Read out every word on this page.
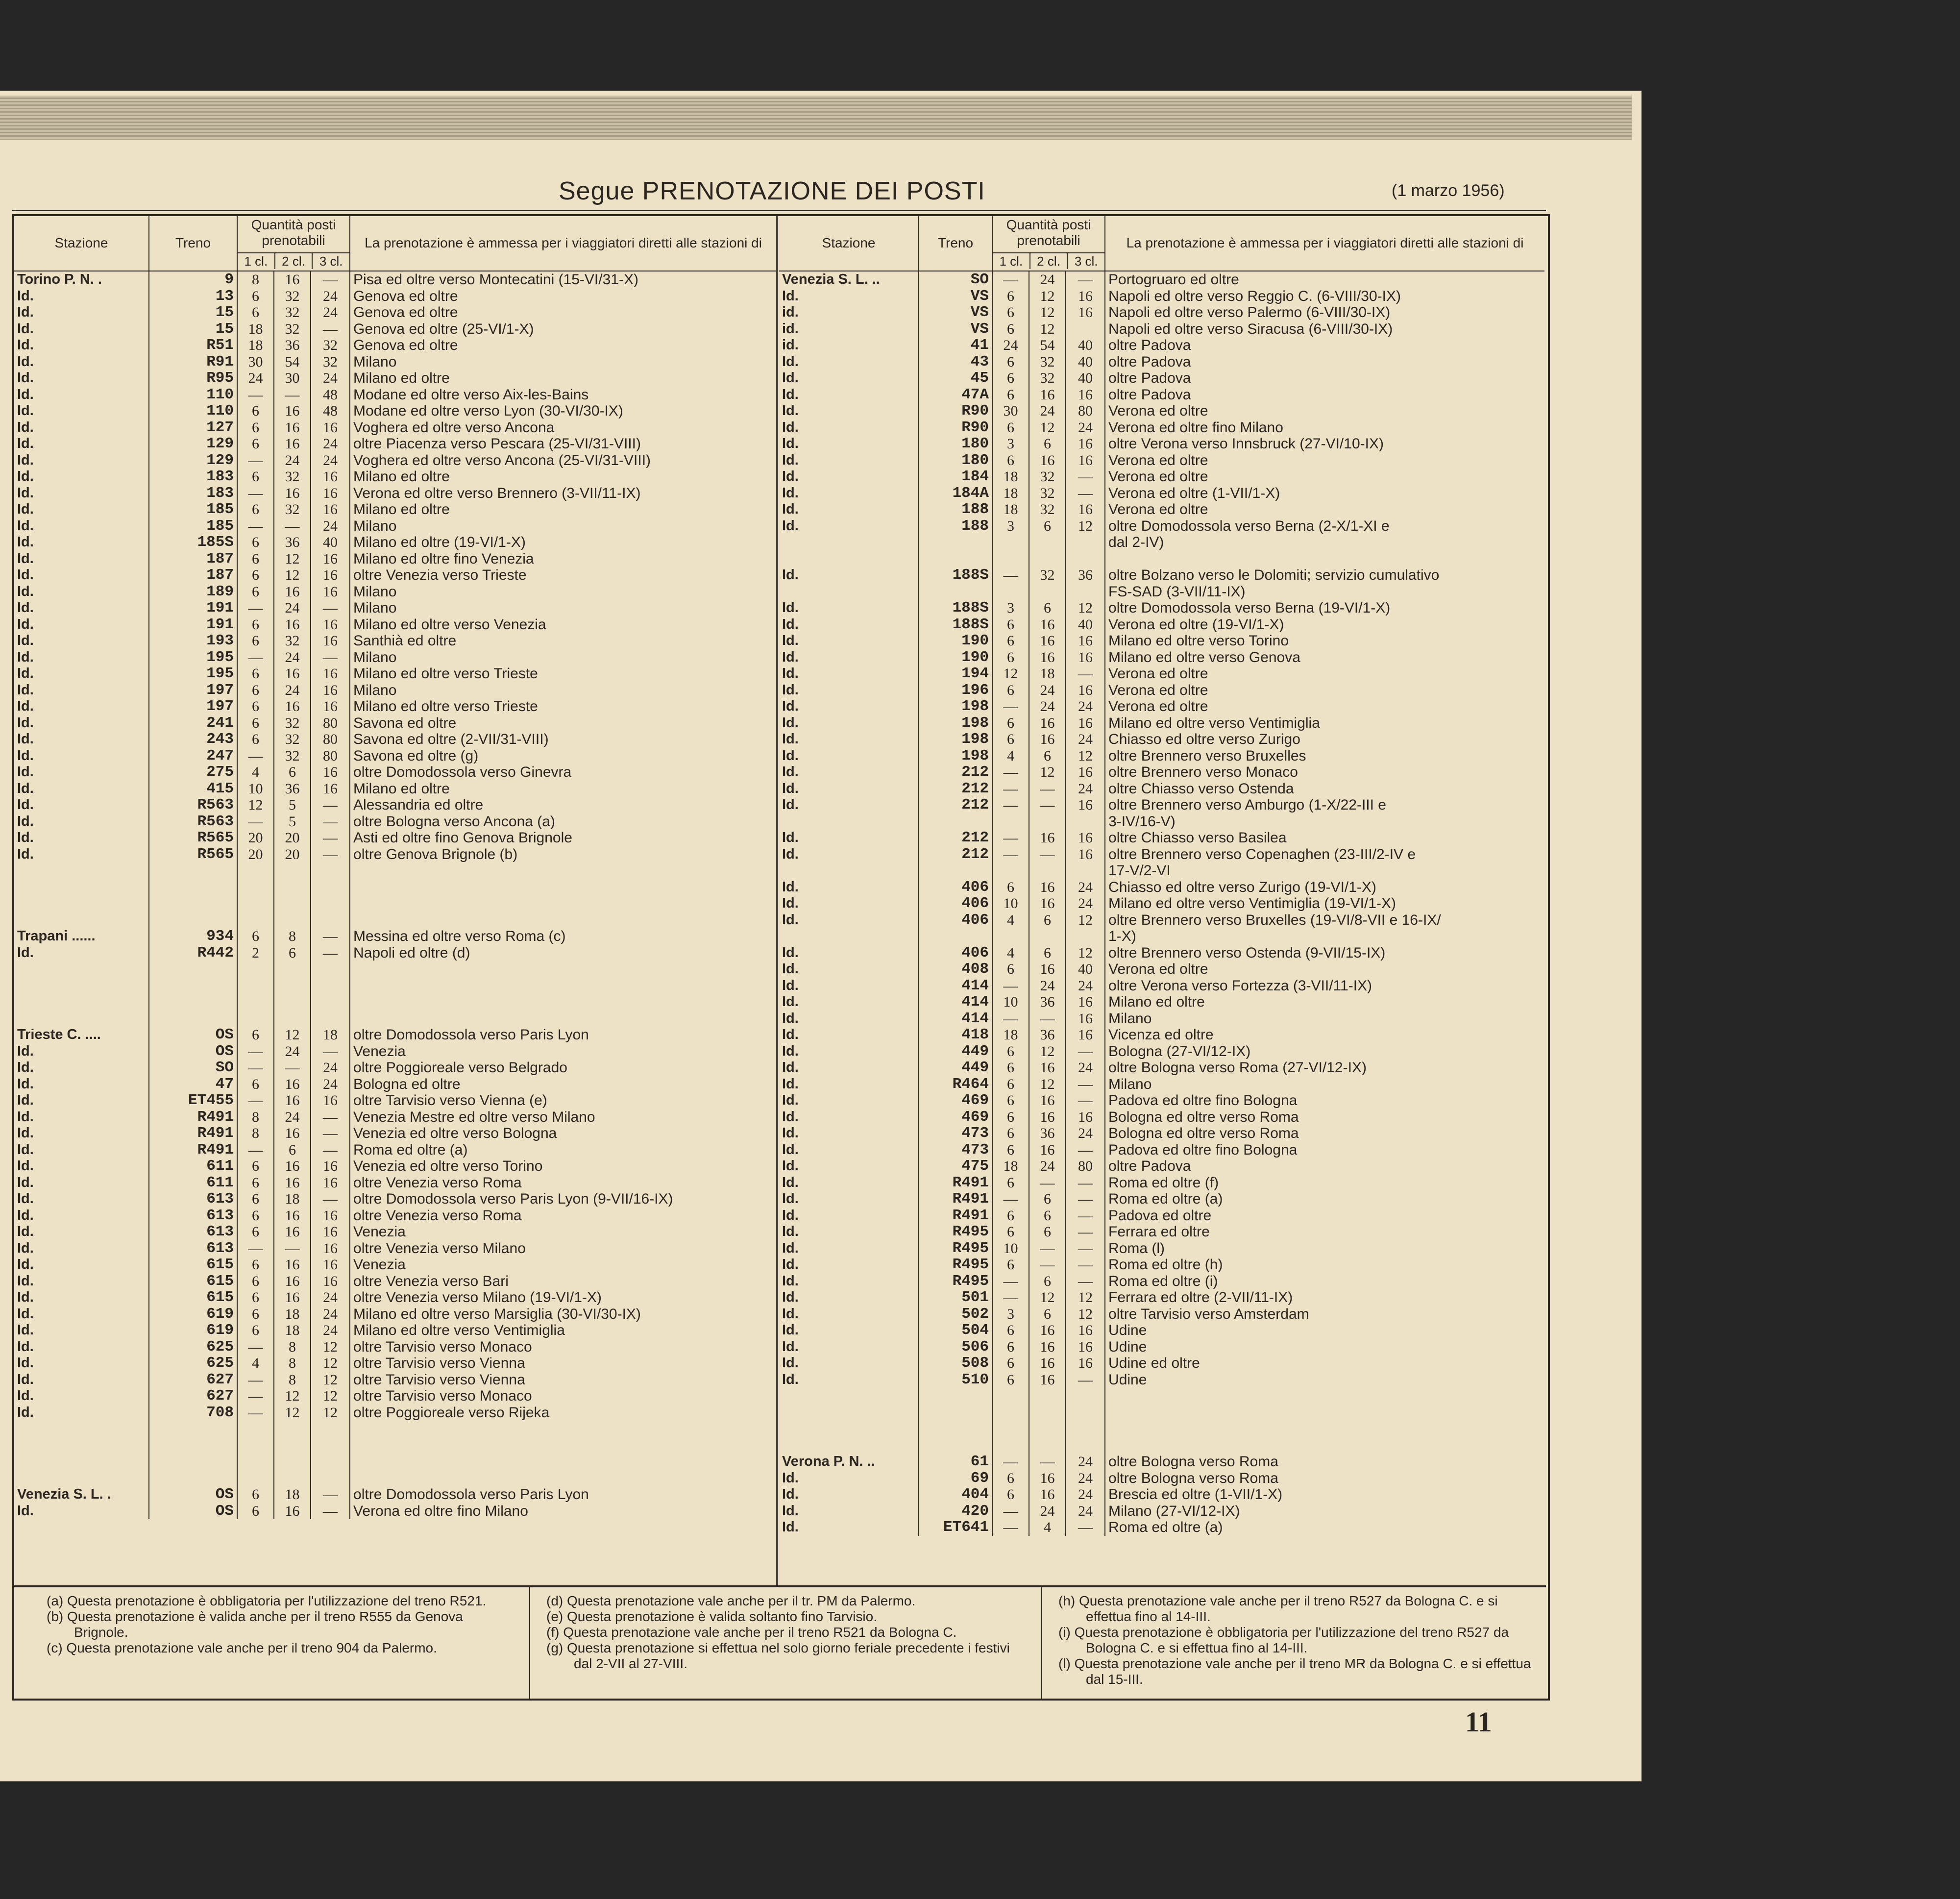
Segue PRENOTAZIONE DEI POSTI	(1 marzo 1956)
Stazione	Treno	Quantità posti prenotabili
1 cl. 2 cl. 3 cl.			La prenotazione è ammessa per i viaggiatori diretti alle stazioni di
Torino P. N. .	9	8	16	—	Pisa ed oltre verso Montecatini (15-VI/31-X)
Id.	13	6	32	24	Genova ed oltre
Id.	15	6	32	24	Genova ed oltre
Id.	15	18	32	—	Genova ed oltre (25-VI/1-X)
Id.	R51	18	36	32	Genova ed oltre
Id.	R91	30	54	32	Milano
Id.	R95	24	30	24	Milano ed oltre
Id.	110	—	—	48	Modane ed oltre verso Aix-les-Bains
Id.	110	6	16	48	Modane ed oltre verso Lyon (30-VI/30-IX)
Id.	127	6	16	16	Voghera ed oltre verso Ancona
Id.	129	6	16	24	oltre Piacenza verso Pescara (25-VI/31-VIII)
Id.	129	—	24	24	Voghera ed oltre verso Ancona (25-VI/31-VIII)
Id.	183	6	32	16	Milano ed oltre
Id.	183	—	16	16	Verona ed oltre verso Brennero (3-VII/11-IX)
Id.	185	6	32	16	Milano ed oltre
Id.	185	—	—	24	Milano
Id.	185S	6	36	40	Milano ed oltre (19-VI/1-X)
Id.	187	6	12	16	Milano ed oltre fino Venezia
Id.	187	6	12	16	oltre Venezia verso Trieste
Id.	189	6	16	16	Milano
Id.	191	—	24	—	Milano
Id.	191	6	16	16	Milano ed oltre verso Venezia
Id.	193	6	32	16	Santhià ed oltre
Id.	195	—	24	—	Milano
Id.	195	6	16	16	Milano ed oltre verso Trieste
Id.	197	6	24	16	Milano
Id.	197	6	16	16	Milano ed oltre verso Trieste
Id.	241	6	32	80	Savona ed oltre
Id.	243	6	32	80	Savona ed oltre (2-VII/31-VIII)
Id.	247	—	32	80	Savona ed oltre (g)
Id.	275	4	6	16	oltre Domodossola verso Ginevra
Id.	415	10	36	16	Milano ed oltre
Id.	R563	12	5	—	Alessandria ed oltre
Id.	R563	—	5	—	oltre Bologna verso Ancona (a)
Id.	R565	20	20	—	Asti ed oltre fino Genova Brignole
Id.	R565	20	20	—	oltre Genova Brignole (b)

Trapani ......	934	6	8	—	Messina ed oltre verso Roma (c)
Id.	R442	2	6	—	Napoli ed oltre (d)

Trieste C. ....	OS	6	12	18	oltre Domodossola verso Paris Lyon
Id.	OS	—	24	—	Venezia
Id.	SO	—	—	24	oltre Poggioreale verso Belgrado
Id.	47	6	16	24	Bologna ed oltre
Id.	ET455	—	16	16	oltre Tarvisio verso Vienna (e)
Id.	R491	8	24	—	Venezia Mestre ed oltre verso Milano
Id.	R491	8	16	—	Venezia ed oltre verso Bologna
Id.	R491	—	6	—	Roma ed oltre (a)
Id.	611	6	16	16	Venezia ed oltre verso Torino
Id.	611	6	16	16	oltre Venezia verso Roma
Id.	613	6	18	—	oltre Domodossola verso Paris Lyon (9-VII/16-IX)
Id.	613	6	16	16	oltre Venezia verso Roma
Id.	613	6	16	16	Venezia
Id.	613	—	—	16	oltre Venezia verso Milano
Id.	615	6	16	16	Venezia
Id.	615	6	16	16	oltre Venezia verso Bari
Id.	615	6	16	24	oltre Venezia verso Milano (19-VI/1-X)
Id.	619	6	18	24	Milano ed oltre verso Marsiglia (30-VI/30-IX)
Id.	619	6	18	24	Milano ed oltre verso Ventimiglia
Id.	625	—	8	12	oltre Tarvisio verso Monaco
Id.	625	4	8	12	oltre Tarvisio verso Vienna
Id.	627	—	8	12	oltre Tarvisio verso Vienna
Id.	627	—	12	12	oltre Tarvisio verso Monaco
Id.	708	—	12	12	oltre Poggioreale verso Rijeka

Venezia S. L. .	OS	6	18	—	oltre Domodossola verso Paris Lyon
Id.	OS	6	16	—	Verona ed oltre fino Milano
Stazione	Treno	Quantità posti prenotabili
1 cl. 2 cl. 3 cl.			La prenotazione è ammessa per i viaggiatori diretti alle stazioni di
Venezia S. L. ..	SO	—	24	—	Portogruaro ed oltre
Id.	VS	6	12	16	Napoli ed oltre verso Reggio C. (6-VIII/30-IX)
id.	VS	6	12	16	Napoli ed oltre verso Palermo (6-VIII/30-IX)
id.	VS	6	12		Napoli ed oltre verso Siracusa (6-VIII/30-IX)
id.	41	24	54	40	oltre Padova
Id.	43	6	32	40	oltre Padova
Id.	45	6	32	40	oltre Padova
Id.	47A	6	16	16	oltre Padova
Id.	R90	30	24	80	Verona ed oltre
Id.	R90	6	12	24	Verona ed oltre fino Milano
Id.	180	3	6	16	oltre Verona verso Innsbruck (27-VI/10-IX)
Id.	180	6	16	16	Verona ed oltre
Id.	184	18	32	—	Verona ed oltre
Id.	184A	18	32	—	Verona ed oltre (1-VII/1-X)
Id.	188	18	32	16	Verona ed oltre
Id.	188	3	6	12	oltre Domodossola verso Berna (2-X/1-XI e
					dal 2-IV)

Id.	188S	—	32	36	oltre Bolzano verso le Dolomiti; servizio cumulativo
					FS-SAD (3-VII/11-IX)
Id.	188S	3	6	12	oltre Domodossola verso Berna (19-VI/1-X)
Id.	188S	6	16	40	Verona ed oltre (19-VI/1-X)
Id.	190	6	16	16	Milano ed oltre verso Torino
Id.	190	6	16	16	Milano ed oltre verso Genova
Id.	194	12	18	—	Verona ed oltre
Id.	196	6	24	16	Verona ed oltre
Id.	198	—	24	24	Verona ed oltre
Id.	198	6	16	16	Milano ed oltre verso Ventimiglia
Id.	198	6	16	24	Chiasso ed oltre verso Zurigo
Id.	198	4	6	12	oltre Brennero verso Bruxelles
Id.	212	—	12	16	oltre Brennero verso Monaco
Id.	212	—	—	24	oltre Chiasso verso Ostenda
Id.	212	—	—	16	oltre Brennero verso Amburgo (1-X/22-III e
					3-IV/16-V)
Id.	212	—	16	16	oltre Chiasso verso Basilea
Id.	212	—	—	16	oltre Brennero verso Copenaghen (23-III/2-IV e
					17-V/2-VI
Id.	406	6	16	24	Chiasso ed oltre verso Zurigo (19-VI/1-X)
Id.	406	10	16	24	Milano ed oltre verso Ventimiglia (19-VI/1-X)
Id.	406	4	6	12	oltre Brennero verso Bruxelles (19-VI/8-VII e 16-IX/
					1-X)
Id.	406	4	6	12	oltre Brennero verso Ostenda (9-VII/15-IX)
Id.	408	6	16	40	Verona ed oltre
Id.	414	—	24	24	oltre Verona verso Fortezza (3-VII/11-IX)
Id.	414	10	36	16	Milano ed oltre
Id.	414	—	—	16	Milano
Id.	418	18	36	16	Vicenza ed oltre
Id.	449	6	12	—	Bologna (27-VI/12-IX)
Id.	449	6	16	24	oltre Bologna verso Roma (27-VI/12-IX)
Id.	R464	6	12	—	Milano
Id.	469	6	16	—	Padova ed oltre fino Bologna
Id.	469	6	16	16	Bologna ed oltre verso Roma
Id.	473	6	36	24	Bologna ed oltre verso Roma
Id.	473	6	16	—	Padova ed oltre fino Bologna
Id.	475	18	24	80	oltre Padova
Id.	R491	6	—	—	Roma ed oltre (f)
Id.	R491	—	6	—	Roma ed oltre (a)
Id.	R491	6	6	—	Padova ed oltre
Id.	R495	6	6	—	Ferrara ed oltre
Id.	R495	10	—	—	Roma (l)
Id.	R495	6	—	—	Roma ed oltre (h)
Id.	R495	—	6	—	Roma ed oltre (i)
Id.	501	—	12	12	Ferrara ed oltre (2-VII/11-IX)
Id.	502	3	6	12	oltre Tarvisio verso Amsterdam
Id.	504	6	16	16	Udine
Id.	506	6	16	16	Udine
Id.	508	6	16	16	Udine ed oltre
Id.	510	6	16	—	Udine

Verona P. N. ..	61	—	—	24	oltre Bologna verso Roma
Id.	69	6	16	24	oltre Bologna verso Roma
Id.	404	6	16	24	Brescia ed oltre (1-VII/1-X)
Id.	420	—	24	24	Milano (27-VI/12-IX)
Id.	ET641	—	4	—	Roma ed oltre (a)

(a) Questa prenotazione è obbligatoria per l'utilizzazione del treno R521.

(b) Questa prenotazione è valida anche per il treno R555 da Genova Brignole.

(c) Questa prenotazione vale anche per il treno 904 da Palermo.

(d) Questa prenotazione vale anche per il tr. PM da Palermo.

(e) Questa prenotazione è valida soltanto fino Tarvisio.

(f) Questa prenotazione vale anche per il treno R521 da Bologna C.

(g) Questa prenotazione si effettua nel solo giorno feriale precedente i festivi dal 2-VII al 27-VIII.

(h) Questa prenotazione vale anche per il treno R527 da Bologna C. e si effettua fino al 14-III.

(i) Questa prenotazione è obbligatoria per l'utilizzazione del treno R527 da Bologna C. e si effettua fino al 14-III.

(l) Questa prenotazione vale anche per il treno MR da Bologna C. e si effettua dal 15-III.

11
